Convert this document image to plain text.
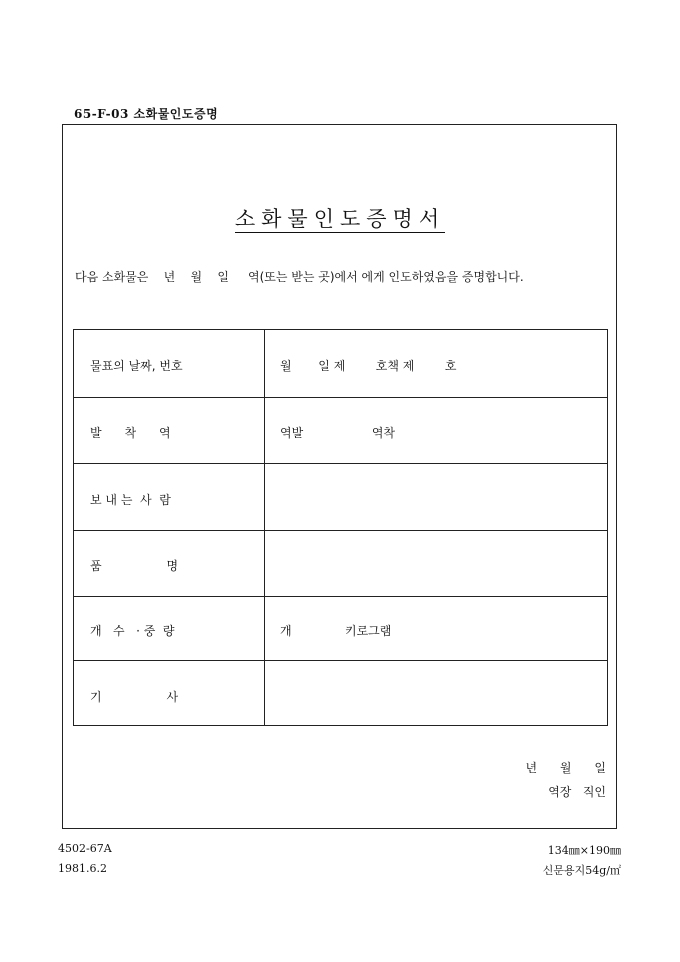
65-F-03 소화물인도증명
소화물인도증명서
다음 소화물은    년    월    일     역(또는 받는 곳)에서 에게 인도하였음을 증명합니다.
물표의 날짜, 번호
발      착      역
보 내 는  사  람
품                 명
개   수   · 중  량
기                 사
월       일 제        호책 제        호
역발                  역착
개              키로그램
년      월      일
역장   직인
4502-67A
1981.6.2
134㎜×190㎜
신문용지54g/㎡
